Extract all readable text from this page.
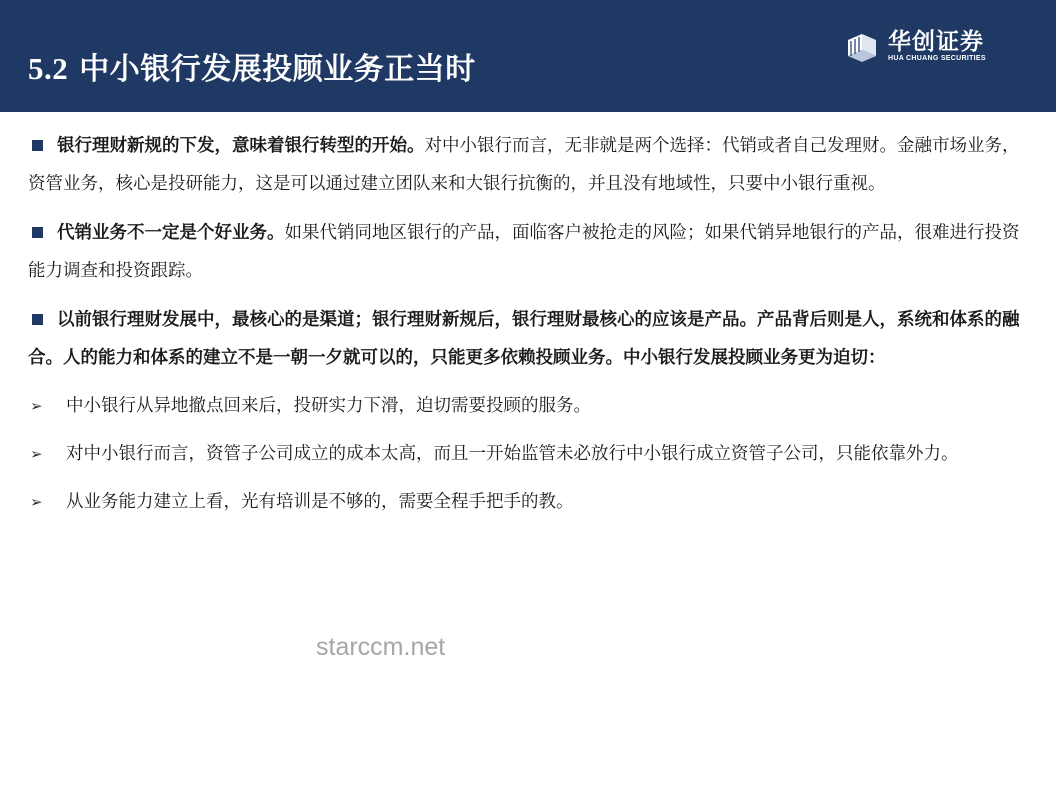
5.2 中小银行发展投顾业务正当时
华创证券
HUA CHUANG SECURITIES
银行理财新规的下发，意味着银行转型的开始。对中小银行而言，无非就是两个选择：代销或者自己发理财。金融市场业务，资管业务，核心是投研能力，这是可以通过建立团队来和大银行抗衡的，并且没有地域性，只要中小银行重视。
代销业务不一定是个好业务。如果代销同地区银行的产品，面临客户被抢走的风险；如果代销异地银行的产品，很难进行投资能力调查和投资跟踪。
以前银行理财发展中，最核心的是渠道；银行理财新规后，银行理财最核心的应该是产品。产品背后则是人，系统和体系的融合。人的能力和体系的建立不是一朝一夕就可以的，只能更多依赖投顾业务。中小银行发展投顾业务更为迫切：
➢ 中小银行从异地撤点回来后，投研实力下滑，迫切需要投顾的服务。
➢ 对中小银行而言，资管子公司成立的成本太高，而且一开始监管未必放行中小银行成立资管子公司，只能依靠外力。
➢ 从业务能力建立上看，光有培训是不够的，需要全程手把手的教。
starccm.net
